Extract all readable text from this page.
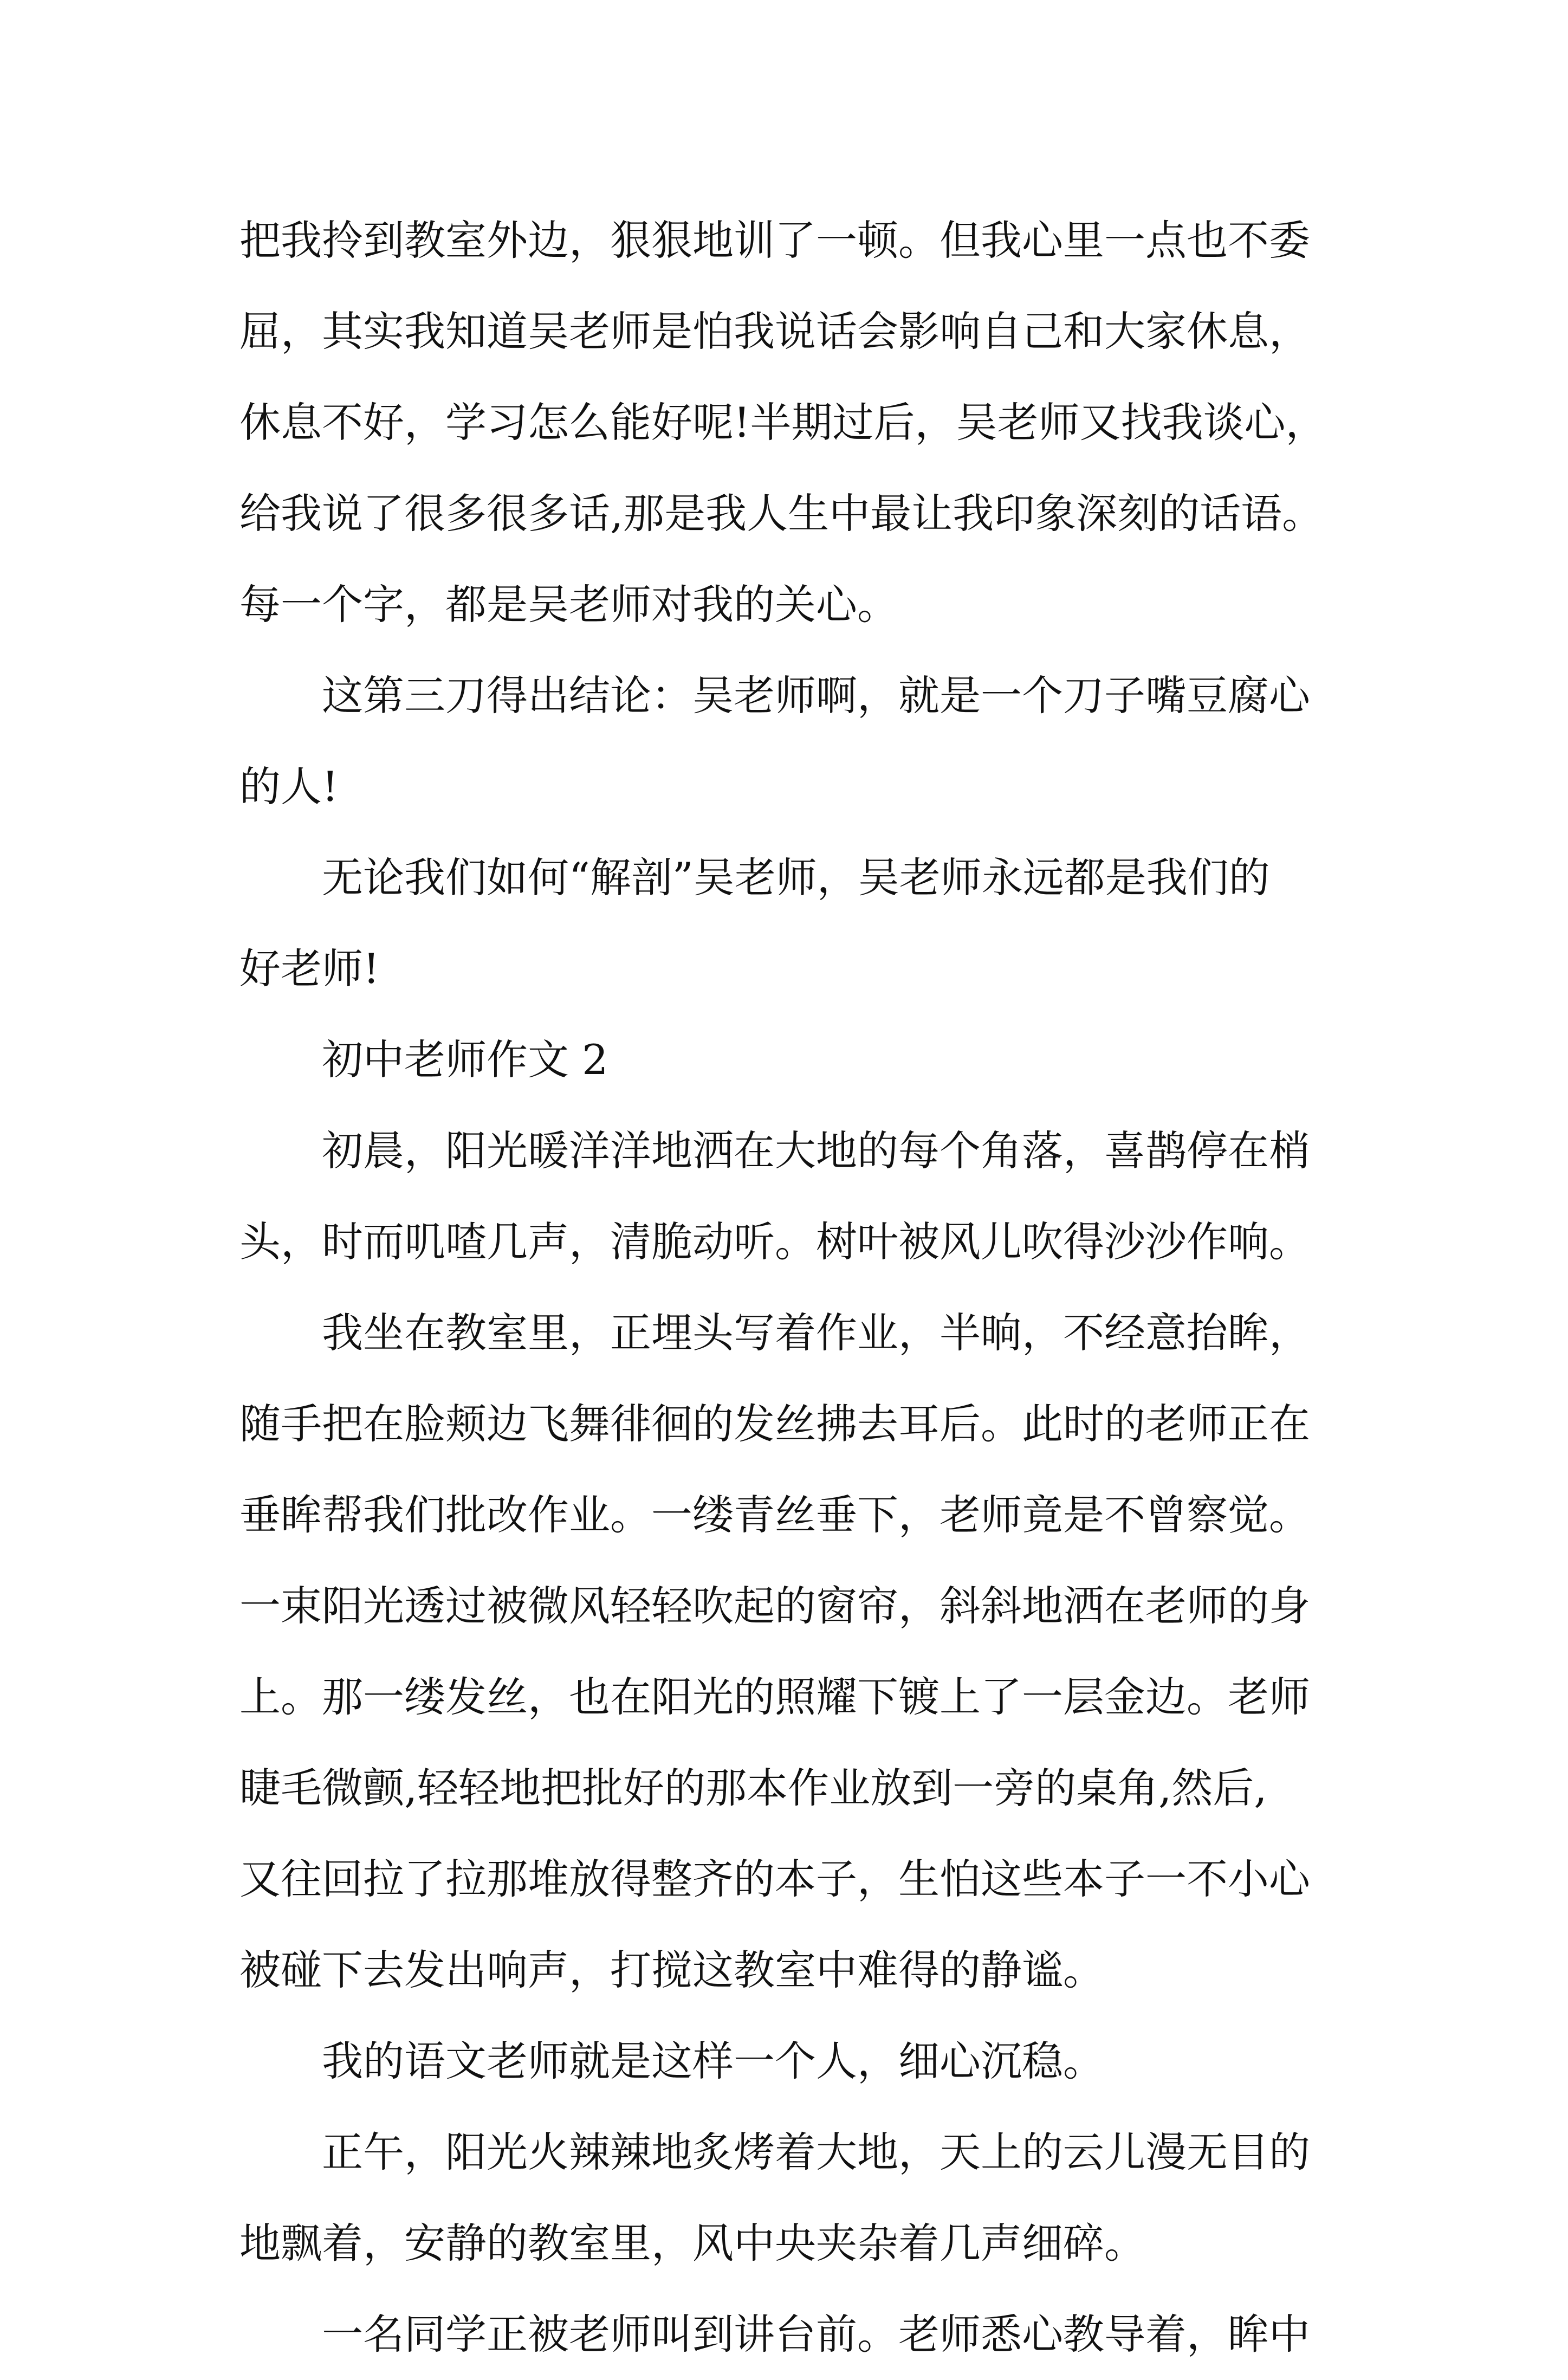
把我拎到教室外边，狠狠地训了一顿。但我心里一点也不委
屈，其实我知道吴老师是怕我说话会影响自己和大家休息，
休息不好，学习怎么能好呢!半期过后，吴老师又找我谈心，
给我说了很多很多话,那是我人生中最让我印象深刻的话语。
每一个字，都是吴老师对我的关心。
这第三刀得出结论：吴老师啊，就是一个刀子嘴豆腐心
的人!
无论我们如何“解剖”吴老师，吴老师永远都是我们的
好老师!
初中老师作文 2
初晨，阳光暖洋洋地洒在大地的每个角落，喜鹊停在梢
头，时而叽喳几声，清脆动听。树叶被风儿吹得沙沙作响。
我坐在教室里，正埋头写着作业，半晌，不经意抬眸，
随手把在脸颊边飞舞徘徊的发丝拂去耳后。此时的老师正在
垂眸帮我们批改作业。一缕青丝垂下，老师竟是不曾察觉。
一束阳光透过被微风轻轻吹起的窗帘，斜斜地洒在老师的身
上。那一缕发丝，也在阳光的照耀下镀上了一层金边。老师
睫毛微颤,轻轻地把批好的那本作业放到一旁的桌角,然后,
又往回拉了拉那堆放得整齐的本子，生怕这些本子一不小心
被碰下去发出响声，打搅这教室中难得的静谧。
我的语文老师就是这样一个人，细心沉稳。
正午，阳光火辣辣地炙烤着大地，天上的云儿漫无目的
地飘着，安静的教室里，风中央夹杂着几声细碎。
一名同学正被老师叫到讲台前。老师悉心教导着，眸中
